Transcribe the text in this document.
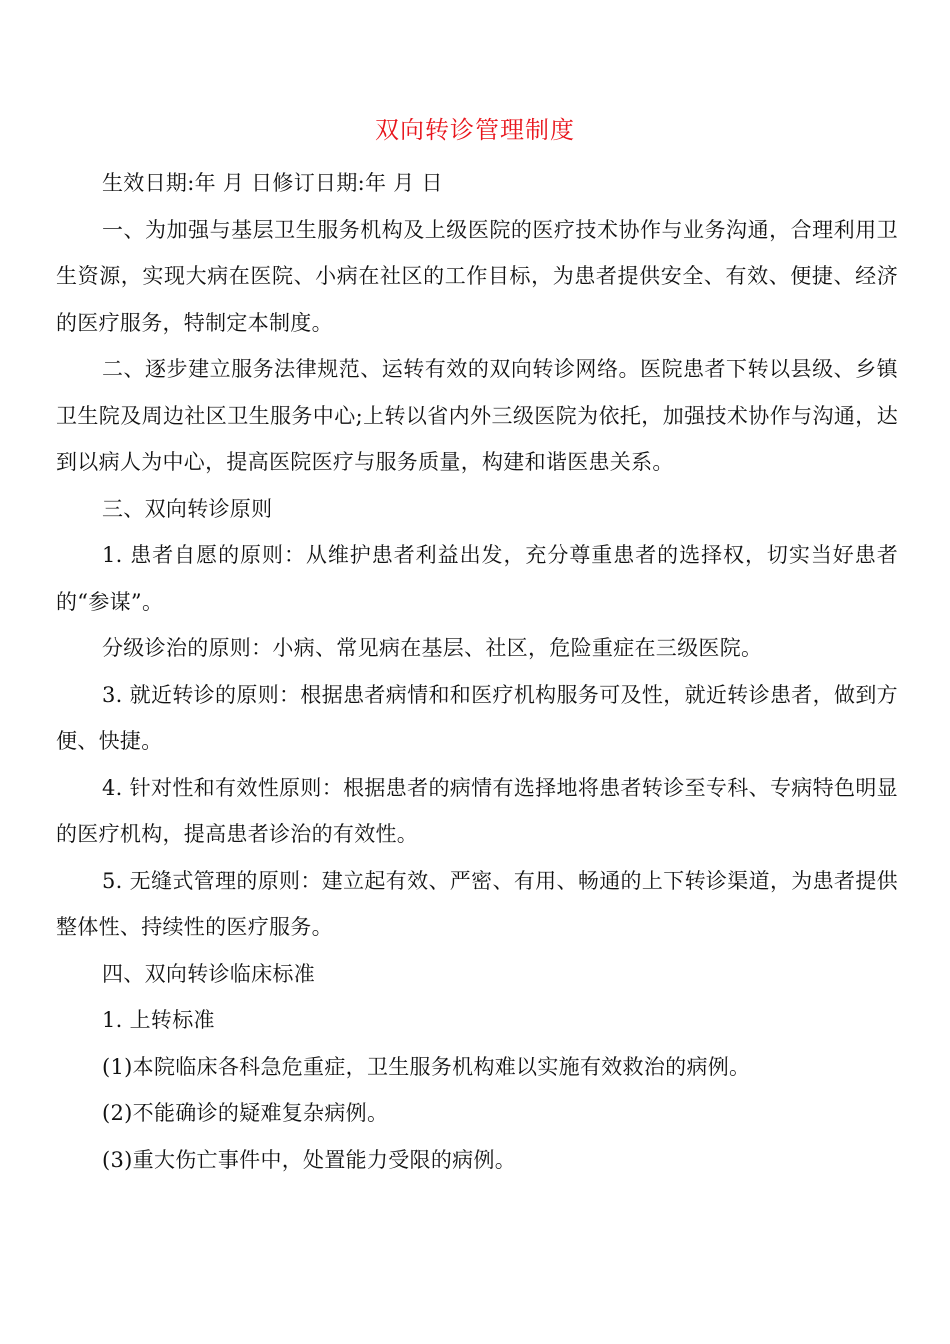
双向转诊管理制度

生效日期:年 月 日修订日期:年 月 日

一、为加强与基层卫生服务机构及上级医院的医疗技术协作与业务沟通，合理利用卫生资源，实现大病在医院、小病在社区的工作目标，为患者提供安全、有效、便捷、经济的医疗服务，特制定本制度。

二、逐步建立服务法律规范、运转有效的双向转诊网络。医院患者下转以县级、乡镇卫生院及周边社区卫生服务中心;上转以省内外三级医院为依托，加强技术协作与沟通，达到以病人为中心，提高医院医疗与服务质量，构建和谐医患关系。

三、双向转诊原则

1. 患者自愿的原则：从维护患者利益出发，充分尊重患者的选择权，切实当好患者的“参谋”。

分级诊治的原则：小病、常见病在基层、社区，危险重症在三级医院。

3. 就近转诊的原则：根据患者病情和和医疗机构服务可及性，就近转诊患者，做到方便、快捷。

4. 针对性和有效性原则：根据患者的病情有选择地将患者转诊至专科、专病特色明显的医疗机构，提高患者诊治的有效性。

5. 无缝式管理的原则：建立起有效、严密、有用、畅通的上下转诊渠道，为患者提供整体性、持续性的医疗服务。

四、双向转诊临床标准

1. 上转标准

(1)本院临床各科急危重症，卫生服务机构难以实施有效救治的病例。

(2)不能确诊的疑难复杂病例。

(3)重大伤亡事件中，处置能力受限的病例。
